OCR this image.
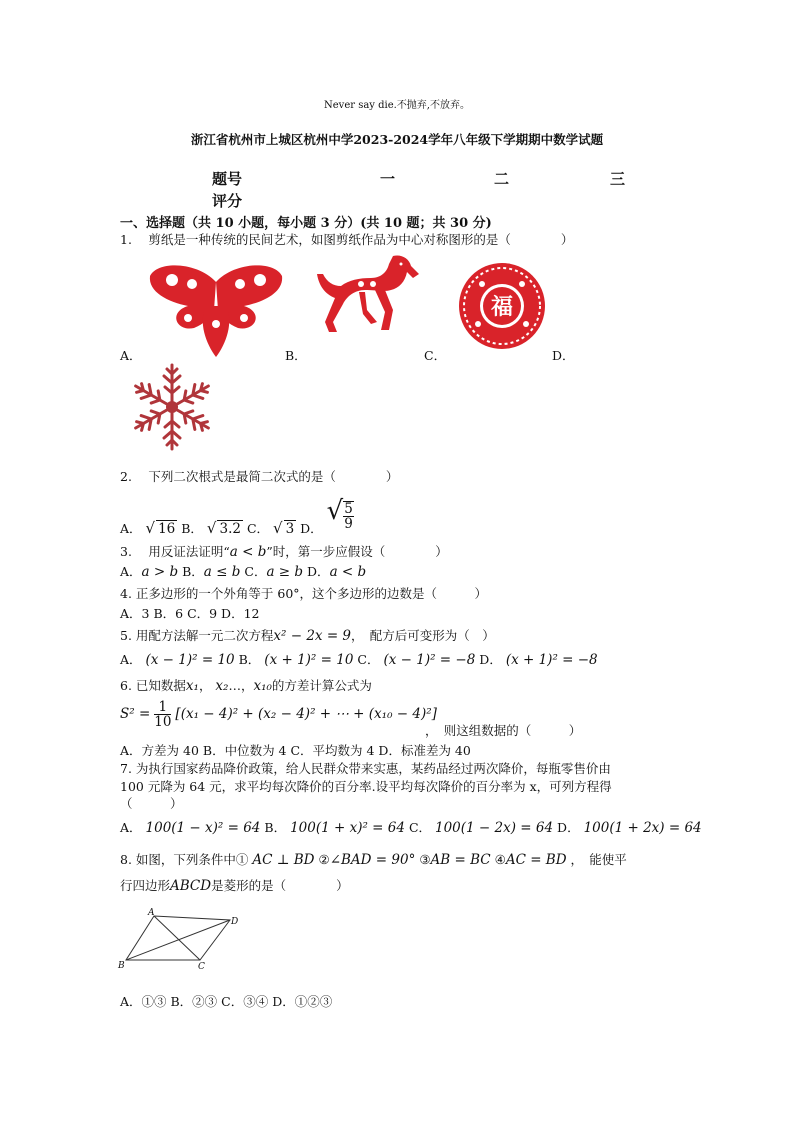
Never say die.不抛弃,不放弃。
浙江省杭州市上城区杭州中学2023-2024学年八年级下学期期中数学试题
题号	一	二	三
评分
一、选择题（共 10 小题，每小题 3 分）(共 10 题；共 30 分)
1.　 剪纸是一种传统的民间艺术，如图剪纸作品为中心对称图形的是（　　　　）
福
A．	B．	C．	D．
2.　 下列二次根式是最简二次式的是（　　　　）
A． √ 16 B． √ 3.2 C． √ 3 D． √ $\frac{5}{9}$
3.　 用反证法证明“a < b”时，第一步应假设（　　　　）
A．a > b B．a ≤ b C．a ≥ b D．a < b
4. 正多边形的一个外角等于 60°，这个多边形的边数是（　　　）
A．3 B．6 C．9 D．12
5. 用配方法解一元二次方程x² − 2x = 9，　配方后可变形为（　）
A． (x − 1)² = 10 B． (x + 1)² = 10 C． (x − 1)² = −8 D． (x + 1)² = −8
6. 已知数据x₁， x₂…，x₁₀的方差计算公式为
$S^2 = \frac{1}{10} [(x_1 - 4)^2 + (x_2 - 4)^2$ + ⋯ + (x₁₀ − 4)²]
，　则这组数据的（　　　）
A．方差为 40 B．中位数为 4 C．平均数为 4 D．标准差为 40
7. 为执行国家药品降价政策，给人民群众带来实惠，某药品经过两次降价，每瓶零售价由
100 元降为 64 元，求平均每次降价的百分率.设平均每次降价的百分率为 x，可列方程得
（　　　）
A． 100(1 − x)² = 64 B． 100(1 + x)² = 64 C． 100(1 − 2x) = 64 D． 100(1 + 2x) = 64
8. 如图，下列条件中① AC ⊥ BD ②∠BAD = 90° ③AB = BC ④AC = BD ，　能使平
行四边形ABCD是菱形的是（　　　　）
A
D
B	C
A．①③ B．②③ C．③④ D．①②③
